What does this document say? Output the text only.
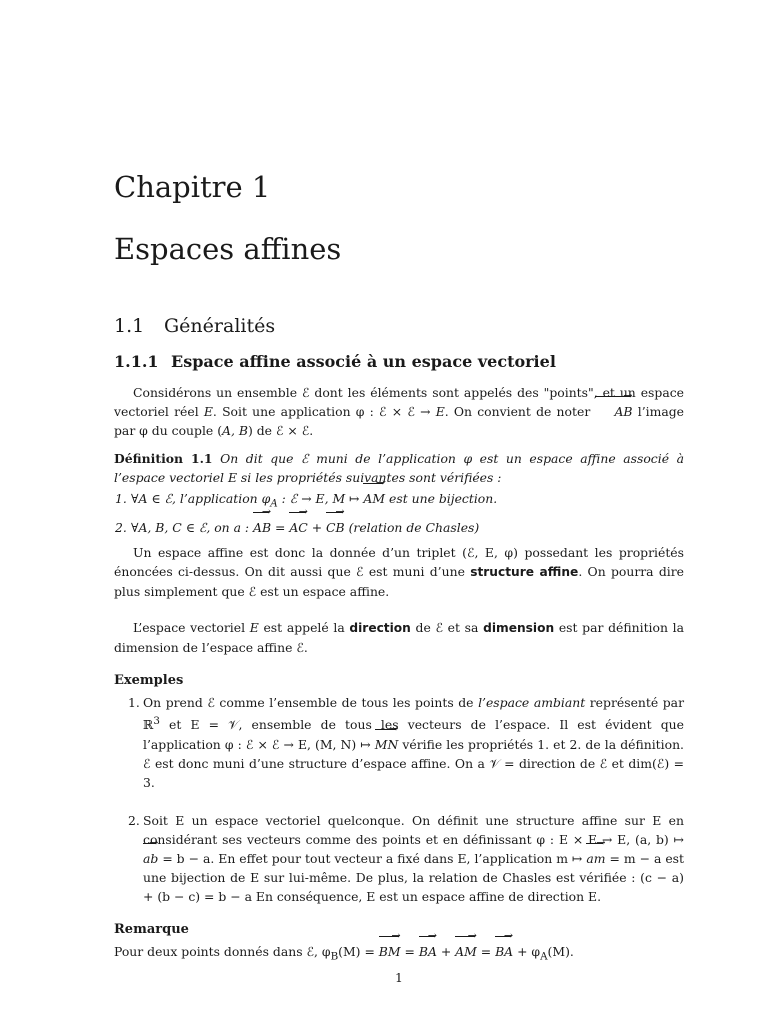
Chapitre 1
Espaces affines
1.1 Généralités
1.1.1 Espace affine associé à un espace vectoriel

Considérons un ensemble ℰ dont les éléments sont appelés des "points", et un espace vectoriel réel E. Soit une application φ : ℰ × ℰ → E. On convient de noter → AB l’image par φ du couple (A, B) de ℰ × ℰ.

Définition 1.1 On dit que ℰ muni de l’application φ est un espace affine associé à l’espace vectoriel E si les propriétés suivantes sont vérifiées :

1. ∀A ∈ ℰ, l’application $\varphi_A$ : ℰ → E, M ↦ → AM est une bijection.
2. ∀A, B, C ∈ ℰ, on a : → AB = → AC + → CB (relation de Chasles)

Un espace affine est donc la donnée d’un triplet (ℰ, E, φ) possedant les propriétés énoncées ci-dessus. On dit aussi que ℰ est muni d’une structure affine. On pourra dire plus simplement que ℰ est un espace affine.

L’espace vectoriel E est appelé la direction de ℰ et sa dimension est par définition la dimension de l’espace affine ℰ.

Exemples
1. On prend ℰ comme l’ensemble de tous les points de l’espace ambiant représenté par ℝ$^3$ et E = 𝒱, ensemble de tous les vecteurs de l’espace. Il est évident que l’application φ : ℰ × ℰ → E, (M, N) ↦ → MN vérifie les propriétés 1. et 2. de la définition. ℰ est donc muni d’une structure d’espace affine. On a 𝒱 = direction de ℰ et dim(ℰ) = 3.
2. Soit E un espace vectoriel quelconque. On définit une structure affine sur E en considérant ses vecteurs comme des points et en définissant φ : E × E → E, (a, b) ↦ → ab = b − a. En effet pour tout vecteur a fixé dans E, l’application m ↦ → am = m − a est une bijection de E sur lui-même. De plus, la relation de Chasles est vérifiée : (c − a) + (b − c) = b − a En conséquence, E est un espace affine de direction E.
Remarque

Pour deux points donnés dans ℰ, $\varphi_B(M)$ = → BM = → BA + → AM = → BA + $\varphi_A(M)$.

1
